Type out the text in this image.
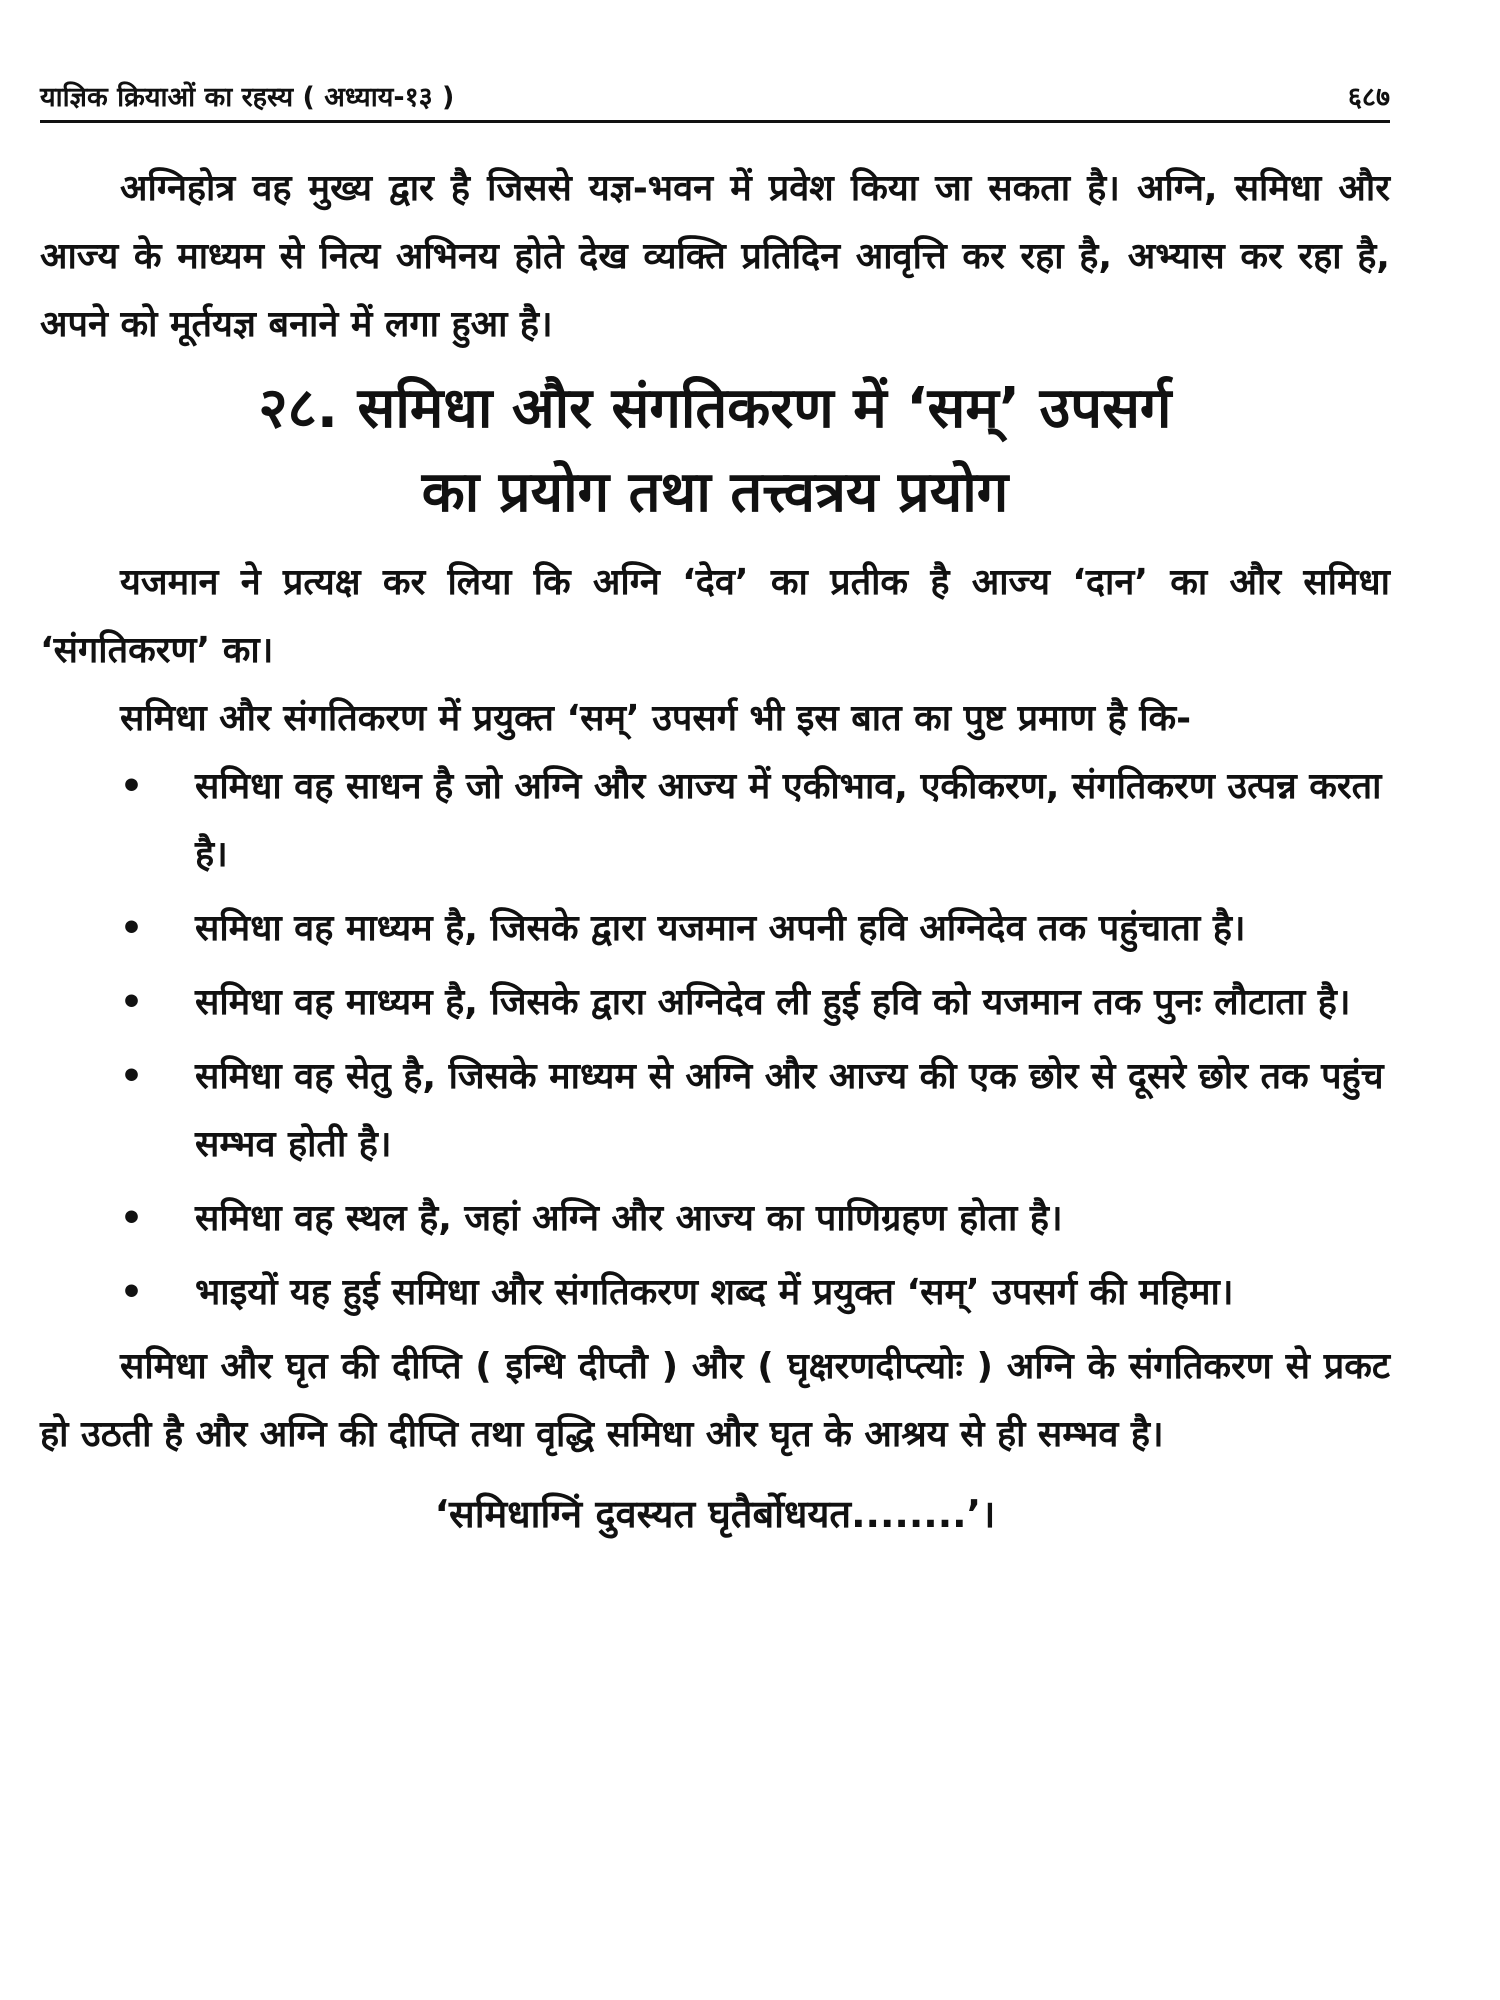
याज्ञिक क्रियाओं का रहस्य ( अध्याय-१३ )	६८७

अग्निहोत्र वह मुख्य द्वार है जिससे यज्ञ-भवन में प्रवेश किया जा सकता है। अग्नि, समिधा और आज्य के माध्यम से नित्य अभिनय होते देख व्यक्ति प्रतिदिन आवृत्ति कर रहा है, अभ्यास कर रहा है, अपने को मूर्तयज्ञ बनाने में लगा हुआ है।

२८. समिधा और संगतिकरण में ‘सम्’ उपसर्ग
का प्रयोग तथा तत्त्वत्रय प्रयोग

यजमान ने प्रत्यक्ष कर लिया कि अग्नि ‘देव’ का प्रतीक है आज्य ‘दान’ का और समिधा ‘संगतिकरण’ का।

समिधा और संगतिकरण में प्रयुक्त ‘सम्’ उपसर्ग भी इस बात का पुष्ट प्रमाण है कि-

• समिधा वह साधन है जो अग्नि और आज्य में एकीभाव, एकीकरण, संगतिकरण उत्पन्न करता है।
• समिधा वह माध्यम है, जिसके द्वारा यजमान अपनी हवि अग्निदेव तक पहुंचाता है।
• समिधा वह माध्यम है, जिसके द्वारा अग्निदेव ली हुई हवि को यजमान तक पुनः लौटाता है।
• समिधा वह सेतु है, जिसके माध्यम से अग्नि और आज्य की एक छोर से दूसरे छोर तक पहुंच सम्भव होती है।
• समिधा वह स्थल है, जहां अग्नि और आज्य का पाणिग्रहण होता है।
• भाइयों यह हुई समिधा और संगतिकरण शब्द में प्रयुक्त ‘सम्’ उपसर्ग की महिमा।

समिधा और घृत की दीप्ति ( इन्धि दीप्तौ ) और ( घृक्षरणदीप्त्योः ) अग्नि के संगतिकरण से प्रकट हो उठती है और अग्नि की दीप्ति तथा वृद्धि समिधा और घृत के आश्रय से ही सम्भव है।

‘समिधाग्निं दुवस्यत घृतैर्बोधयत........’।
